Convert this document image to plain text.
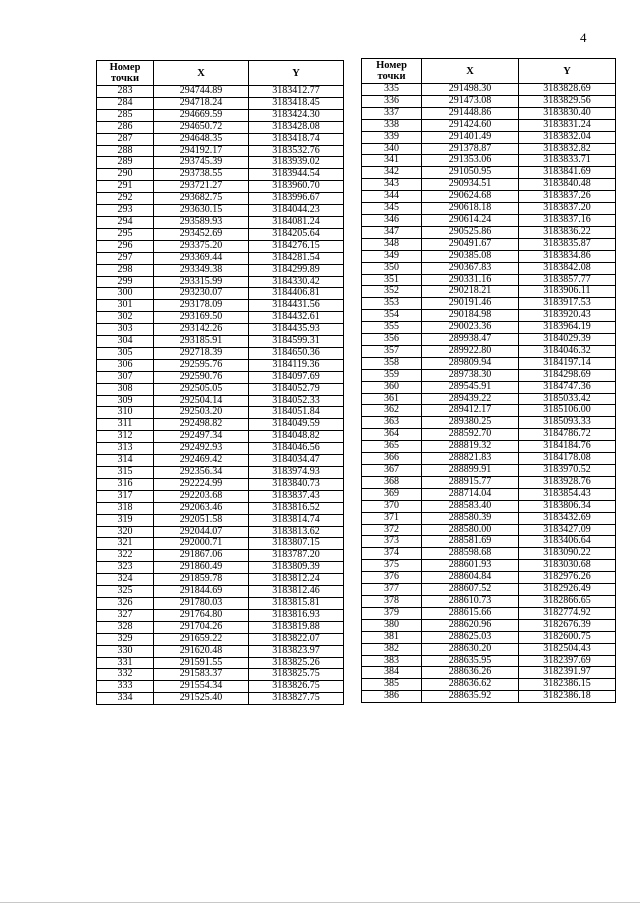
4
Номер
точки	X	Y
283	294744.89	3183412.77
284	294718.24	3183418.45
285	294669.59	3183424.30
286	294650.72	3183428.08
287	294648.35	3183418.74
288	294192.17	3183532.76
289	293745.39	3183939.02
290	293738.55	3183944.54
291	293721.27	3183960.70
292	293682.75	3183996.67
293	293630.15	3184044.23
294	293589.93	3184081.24
295	293452.69	3184205.64
296	293375.20	3184276.15
297	293369.44	3184281.54
298	293349.38	3184299.89
299	293315.99	3184330.42
300	293230.07	3184406.81
301	293178.09	3184431.56
302	293169.50	3184432.61
303	293142.26	3184435.93
304	293185.91	3184599.31
305	292718.39	3184650.36
306	292595.76	3184119.36
307	292590.76	3184097.69
308	292505.05	3184052.79
309	292504.14	3184052.33
310	292503.20	3184051.84
311	292498.82	3184049.59
312	292497.34	3184048.82
313	292492.93	3184046.56
314	292469.42	3184034.47
315	292356.34	3183974.93
316	292224.99	3183840.73
317	292203.68	3183837.43
318	292063.46	3183816.52
319	292051.58	3183814.74
320	292044.07	3183813.62
321	292000.71	3183807.15
322	291867.06	3183787.20
323	291860.49	3183809.39
324	291859.78	3183812.24
325	291844.69	3183812.46
326	291780.03	3183815.81
327	291764.80	3183816.93
328	291704.26	3183819.88
329	291659.22	3183822.07
330	291620.48	3183823.97
331	291591.55	3183825.26
332	291583.37	3183825.75
333	291554.34	3183826.75
334	291525.40	3183827.75
Номер
точки	X	Y
335	291498.30	3183828.69
336	291473.08	3183829.56
337	291448.86	3183830.40
338	291424.60	3183831.24
339	291401.49	3183832.04
340	291378.87	3183832.82
341	291353.06	3183833.71
342	291050.95	3183841.69
343	290934.51	3183840.48
344	290624.68	3183837.26
345	290618.18	3183837.20
346	290614.24	3183837.16
347	290525.86	3183836.22
348	290491.67	3183835.87
349	290385.08	3183834.86
350	290367.83	3183842.08
351	290331.16	3183857.77
352	290218.21	3183906.11
353	290191.46	3183917.53
354	290184.98	3183920.43
355	290023.36	3183964.19
356	289938.47	3184029.39
357	289922.80	3184046.32
358	289809.94	3184197.14
359	289738.30	3184298.69
360	289545.91	3184747.36
361	289439.22	3185033.42
362	289412.17	3185106.00
363	289380.25	3185093.33
364	288592.70	3184786.72
365	288819.32	3184184.76
366	288821.83	3184178.08
367	288899.91	3183970.52
368	288915.77	3183928.76
369	288714.04	3183854.43
370	288583.40	3183806.34
371	288580.39	3183432.69
372	288580.00	3183427.09
373	288581.69	3183406.64
374	288598.68	3183090.22
375	288601.93	3183030.68
376	288604.84	3182976.26
377	288607.52	3182926.49
378	288610.73	3182866.65
379	288615.66	3182774.92
380	288620.96	3182676.39
381	288625.03	3182600.75
382	288630.20	3182504.43
383	288635.95	3182397.69
384	288636.26	3182391.97
385	288636.62	3182386.15
386	288635.92	3182386.18
